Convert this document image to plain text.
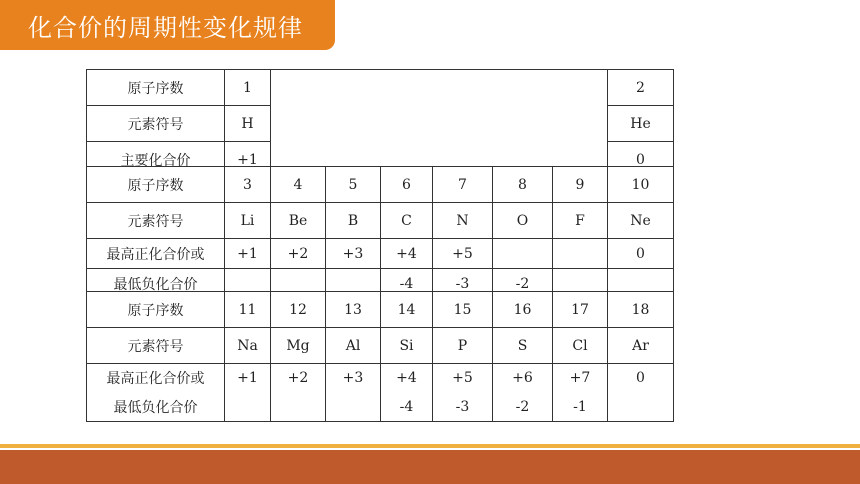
化合价的周期性变化规律
原子序数	1		2
元素符号	H		He
主要化合价	+1		0
原子序数	3	4	5	6	7	8	9	10
元素符号	Li	Be	B	C	N	O	F	Ne
最高正化合价或	+1	+2	+3	+4	+5			0
最低负化合价				-4	-3	-2		
原子序数	11	12	13	14	15	16	17	18
元素符号	Na	Mg	Al	Si	P	S	Cl	Ar
最高正化合价或	+1	+2	+3	+4	+5	+6	+7	0
最低负化合价				-4	-3	-2	-1	
